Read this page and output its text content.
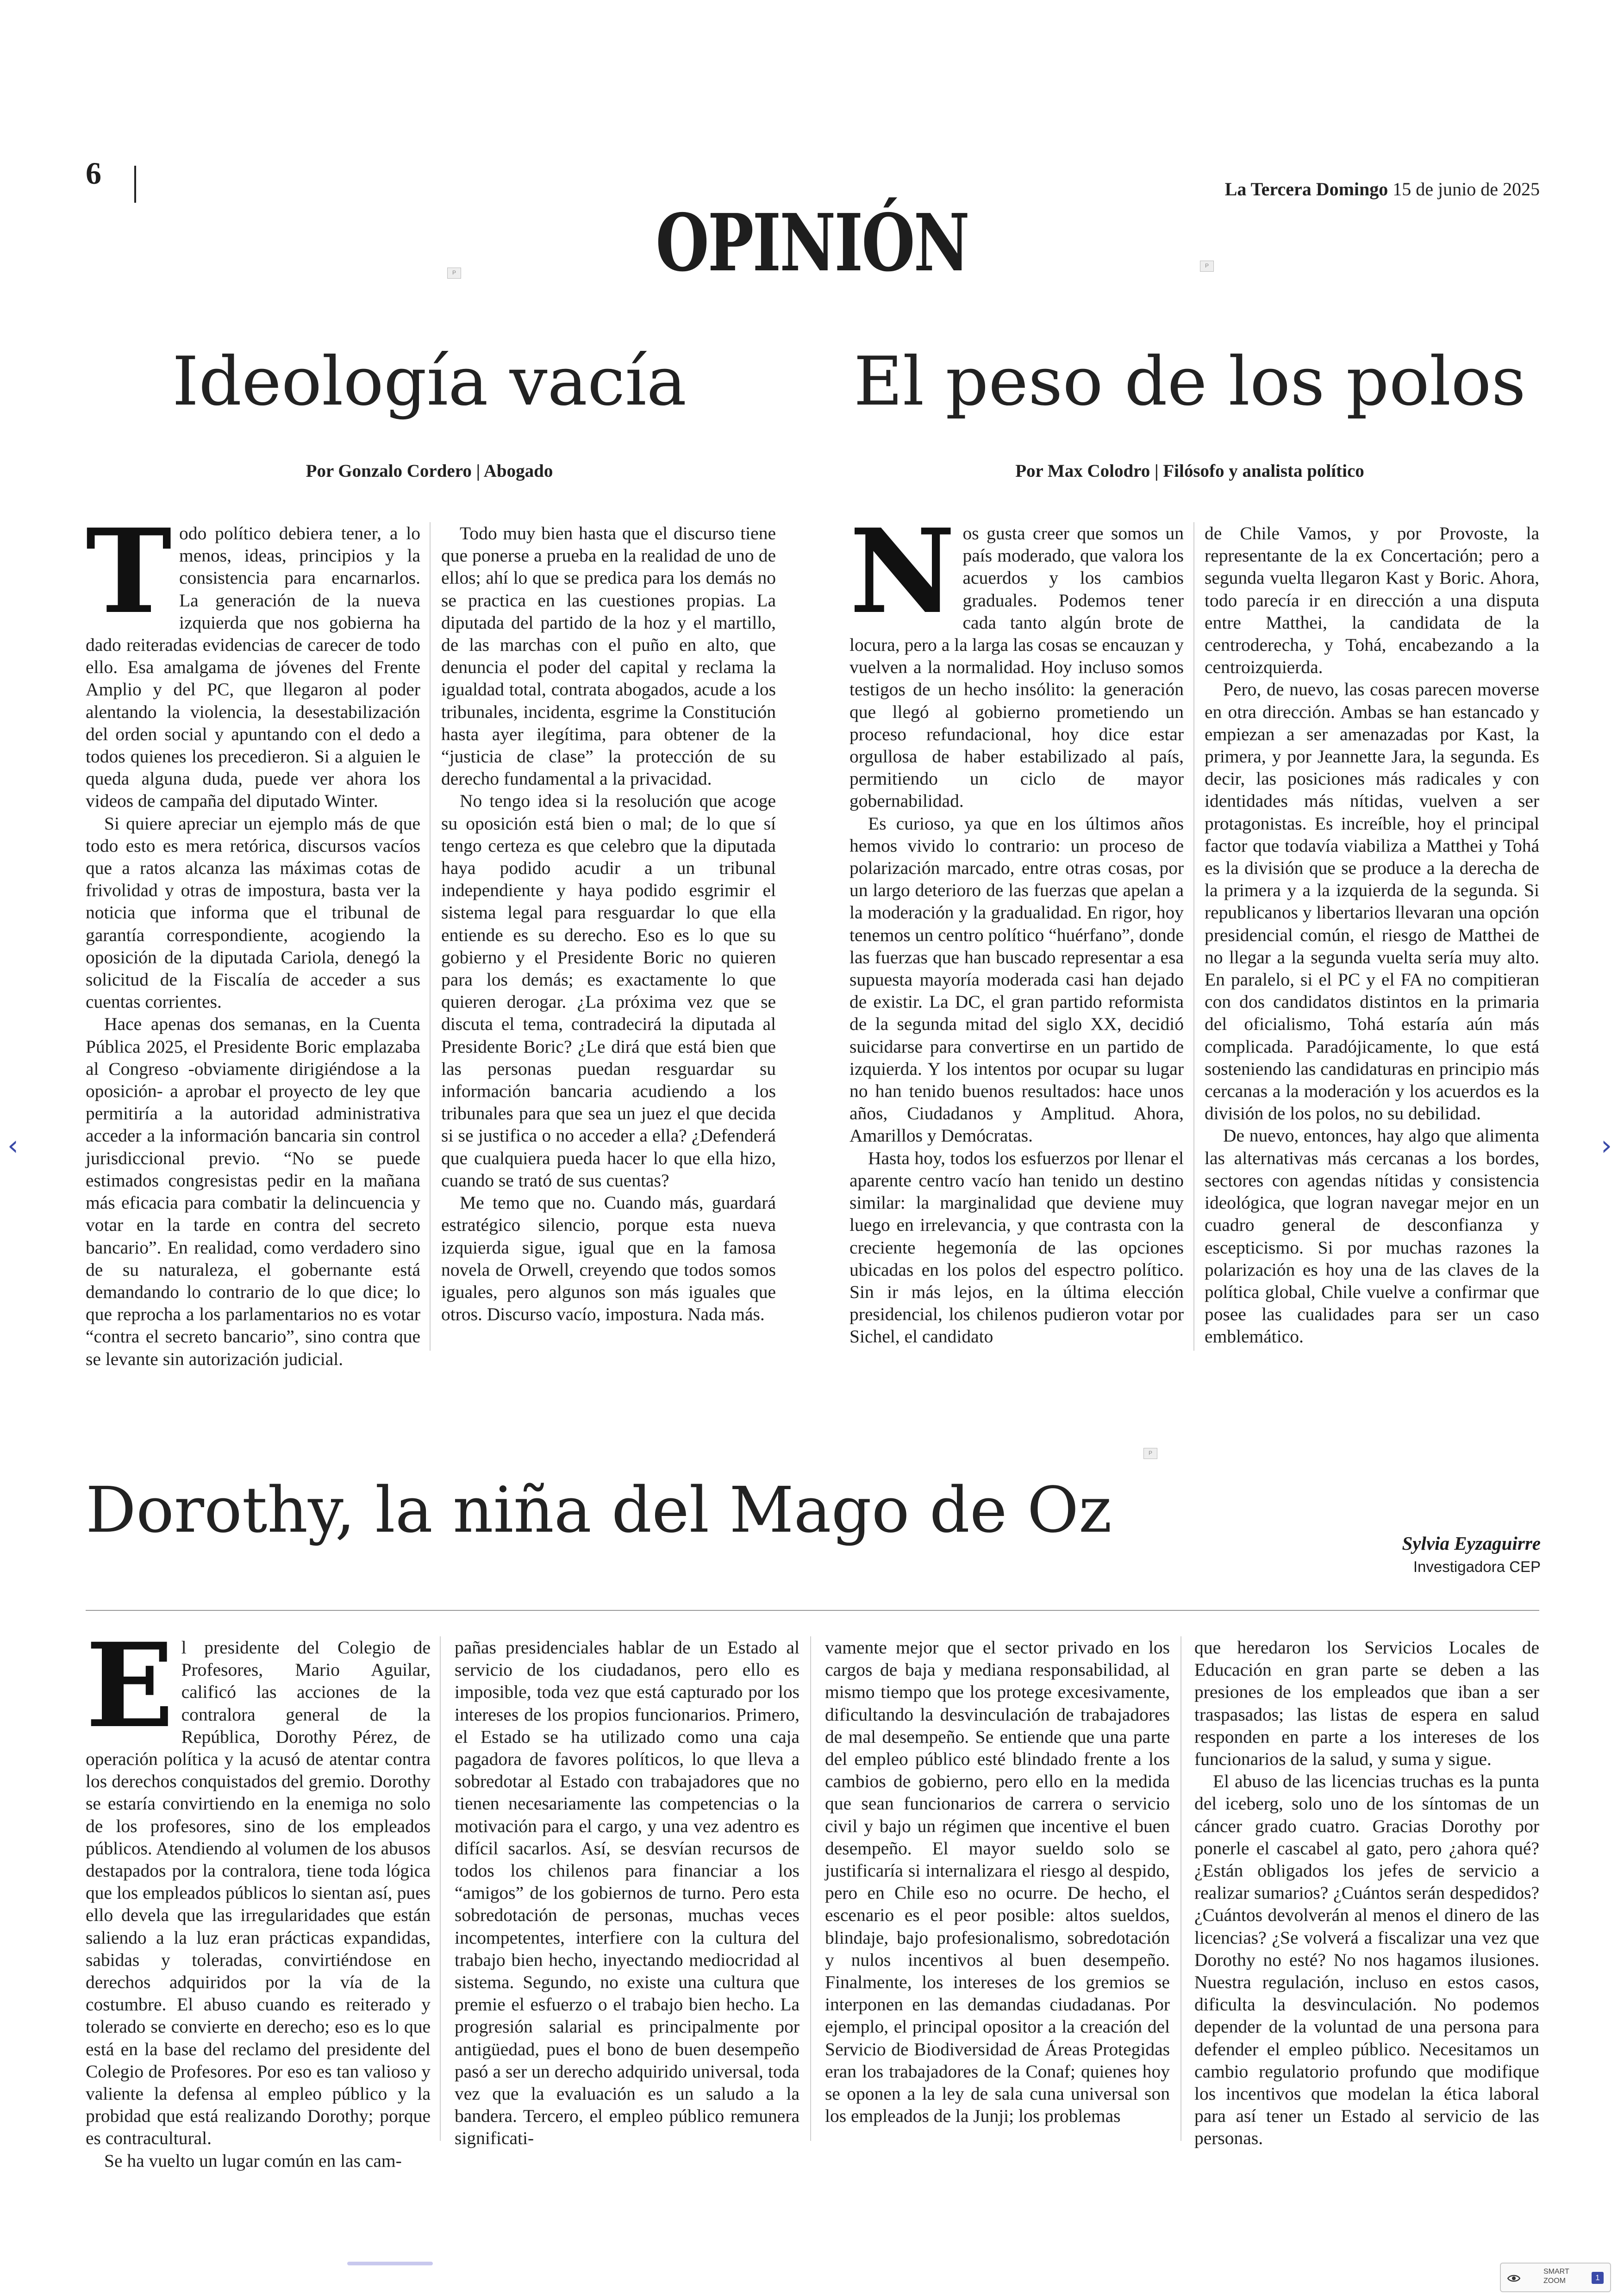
6	La Tercera Domingo 15 de junio de 2025
OPINIÓN
P
P
P
Ideología vacía
Por Gonzalo Cordero | Abogado
T odo político debiera tener, a lo menos, ideas, principios y la consistencia para encarnarlos. La generación de la nueva izquierda que nos gobierna ha dado reiteradas evidencias de carecer de todo ello. Esa amalgama de jóvenes del Frente Amplio y del PC, que llegaron al poder alentando la violencia, la desestabilización del orden social y apuntando con el dedo a todos quienes los precedieron. Si a alguien le queda alguna duda, puede ver ahora los videos de campaña del diputado Winter.

Si quiere apreciar un ejemplo más de que todo esto es mera retórica, discursos vacíos que a ratos alcanza las máximas cotas de frivolidad y otras de impostura, basta ver la noticia que informa que el tribunal de garantía correspondiente, acogiendo la oposición de la diputada Cariola, denegó la solicitud de la Fiscalía de acceder a sus cuentas corrientes.

Hace apenas dos semanas, en la Cuenta Pública 2025, el Presidente Boric emplazaba al Congreso -obviamente dirigiéndose a la oposición- a aprobar el proyecto de ley que permitiría a la autoridad administrativa acceder a la información bancaria sin control jurisdiccional previo. “No se puede estimados congresistas pedir en la mañana más eficacia para combatir la delincuencia y votar en la tarde en contra del secreto bancario”. En realidad, como verdadero sino de su naturaleza, el gobernante está demandando lo contrario de lo que dice; lo que reprocha a los parlamentarios no es votar “contra el secreto bancario”, sino contra que se levante sin autorización judicial.

Todo muy bien hasta que el discurso tiene que ponerse a prueba en la realidad de uno de ellos; ahí lo que se predica para los demás no se practica en las cuestiones propias. La diputada del partido de la hoz y el martillo, de las marchas con el puño en alto, que denuncia el poder del capital y reclama la igualdad total, contrata abogados, acude a los tribunales, incidenta, esgrime la Constitución hasta ayer ilegítima, para obtener de la “justicia de clase” la protección de su derecho fundamental a la privacidad.

No tengo idea si la resolución que acoge su oposición está bien o mal; de lo que sí tengo certeza es que celebro que la diputada haya podido acudir a un tribunal independiente y haya podido esgrimir el sistema legal para resguardar lo que ella entiende es su derecho. Eso es lo que su gobierno y el Presidente Boric no quieren para los demás; es exactamente lo que quieren derogar. ¿La próxima vez que se discuta el tema, contradecirá la diputada al Presidente Boric? ¿Le dirá que está bien que las personas puedan resguardar su información bancaria acudiendo a los tribunales para que sea un juez el que decida si se justifica o no acceder a ella? ¿Defenderá que cualquiera pueda hacer lo que ella hizo, cuando se trató de sus cuentas?

Me temo que no. Cuando más, guardará estratégico silencio, porque esta nueva izquierda sigue, igual que en la famosa novela de Orwell, creyendo que todos somos iguales, pero algunos son más iguales que otros. Discurso vacío, impostura. Nada más.

El peso de los polos
Por Max Colodro | Filósofo y analista político
N os gusta creer que somos un país moderado, que valora los acuerdos y los cambios graduales. Podemos tener cada tanto algún brote de locura, pero a la larga las cosas se encauzan y vuelven a la normalidad. Hoy incluso somos testigos de un hecho insólito: la generación que llegó al gobierno prometiendo un proceso refundacional, hoy dice estar orgullosa de haber estabilizado al país, permitiendo un ciclo de mayor gobernabilidad.

Es curioso, ya que en los últimos años hemos vivido lo contrario: un proceso de polarización marcado, entre otras cosas, por un largo deterioro de las fuerzas que apelan a la moderación y la gradualidad. En rigor, hoy tenemos un centro político “huérfano”, donde las fuerzas que han buscado representar a esa supuesta mayoría moderada casi han dejado de existir. La DC, el gran partido reformista de la segunda mitad del siglo XX, decidió suicidarse para convertirse en un partido de izquierda. Y los intentos por ocupar su lugar no han tenido buenos resultados: hace unos años, Ciudadanos y Amplitud. Ahora, Amarillos y Demócratas.

Hasta hoy, todos los esfuerzos por llenar el aparente centro vacío han tenido un destino similar: la marginalidad que deviene muy luego en irrelevancia, y que contrasta con la creciente hegemonía de las opciones ubicadas en los polos del espectro político. Sin ir más lejos, en la última elección presidencial, los chilenos pudieron votar por Sichel, el candidato

de Chile Vamos, y por Provoste, la representante de la ex Concertación; pero a segunda vuelta llegaron Kast y Boric. Ahora, todo parecía ir en dirección a una disputa entre Matthei, la candidata de la centroderecha, y Tohá, encabezando a la centroizquierda.

Pero, de nuevo, las cosas parecen moverse en otra dirección. Ambas se han estancado y empiezan a ser amenazadas por Kast, la primera, y por Jeannette Jara, la segunda. Es decir, las posiciones más radicales y con identidades más nítidas, vuelven a ser protagonistas. Es increíble, hoy el principal factor que todavía viabiliza a Matthei y Tohá es la división que se produce a la derecha de la primera y a la izquierda de la segunda. Si republicanos y libertarios llevaran una opción presidencial común, el riesgo de Matthei de no llegar a la segunda vuelta sería muy alto. En paralelo, si el PC y el FA no compitieran con dos candidatos distintos en la primaria del oficialismo, Tohá estaría aún más complicada. Paradójicamente, lo que está sosteniendo las candidaturas en principio más cercanas a la moderación y los acuerdos es la división de los polos, no su debilidad.

De nuevo, entonces, hay algo que alimenta las alternativas más cercanas a los bordes, sectores con agendas nítidas y consistencia ideológica, que logran navegar mejor en un cuadro general de desconfianza y escepticismo. Si por muchas razones la polarización es hoy una de las claves de la política global, Chile vuelve a confirmar que posee las cualidades para ser un caso emblemático.

Dorothy, la niña del Mago de Oz	Sylvia Eyzaguirre
Investigadora CEP
E l presidente del Colegio de Profesores, Mario Aguilar, calificó las acciones de la contralora general de la República, Dorothy Pérez, de operación política y la acusó de atentar contra los derechos conquistados del gremio. Dorothy se estaría convirtiendo en la enemiga no solo de los profesores, sino de los empleados públicos. Atendiendo al volumen de los abusos destapados por la contralora, tiene toda lógica que los empleados públicos lo sientan así, pues ello devela que las irregularidades que están saliendo a la luz eran prácticas expandidas, sabidas y toleradas, convirtiéndose en derechos adquiridos por la vía de la costumbre. El abuso cuando es reiterado y tolerado se convierte en derecho; eso es lo que está en la base del reclamo del presidente del Colegio de Profesores. Por eso es tan valioso y valiente la defensa al empleo público y la probidad que está realizando Dorothy; porque es contracultural.

Se ha vuelto un lugar común en las cam-

pañas presidenciales hablar de un Estado al servicio de los ciudadanos, pero ello es imposible, toda vez que está capturado por los intereses de los propios funcionarios. Primero, el Estado se ha utilizado como una caja pagadora de favores políticos, lo que lleva a sobredotar al Estado con trabajadores que no tienen necesariamente las competencias o la motivación para el cargo, y una vez adentro es difícil sacarlos. Así, se desvían recursos de todos los chilenos para financiar a los “amigos” de los gobiernos de turno. Pero esta sobredotación de personas, muchas veces incompetentes, interfiere con la cultura del trabajo bien hecho, inyectando mediocridad al sistema. Segundo, no existe una cultura que premie el esfuerzo o el trabajo bien hecho. La progresión salarial es principalmente por antigüedad, pues el bono de buen desempeño pasó a ser un derecho adquirido universal, toda vez que la evaluación es un saludo a la bandera. Tercero, el empleo público remunera significati-

vamente mejor que el sector privado en los cargos de baja y mediana responsabilidad, al mismo tiempo que los protege excesivamente, dificultando la desvinculación de trabajadores de mal desempeño. Se entiende que una parte del empleo público esté blindado frente a los cambios de gobierno, pero ello en la medida que sean funcionarios de carrera o servicio civil y bajo un régimen que incentive el buen desempeño. El mayor sueldo solo se justificaría si internalizara el riesgo al despido, pero en Chile eso no ocurre. De hecho, el escenario es el peor posible: altos sueldos, blindaje, bajo profesionalismo, sobredotación y nulos incentivos al buen desempeño. Finalmente, los intereses de los gremios se interponen en las demandas ciudadanas. Por ejemplo, el principal opositor a la creación del Servicio de Biodiversidad de Áreas Protegidas eran los trabajadores de la Conaf; quienes hoy se oponen a la ley de sala cuna universal son los empleados de la Junji; los problemas

que heredaron los Servicios Locales de Educación en gran parte se deben a las presiones de los empleados que iban a ser traspasados; las listas de espera en salud responden en parte a los intereses de los funcionarios de la salud, y suma y sigue.

El abuso de las licencias truchas es la punta del iceberg, solo uno de los síntomas de un cáncer grado cuatro. Gracias Dorothy por ponerle el cascabel al gato, pero ¿ahora qué? ¿Están obligados los jefes de servicio a realizar sumarios? ¿Cuántos serán despedidos? ¿Cuántos devolverán al menos el dinero de las licencias? ¿Se volverá a fiscalizar una vez que Dorothy no esté? No nos hagamos ilusiones. Nuestra regulación, incluso en estos casos, dificulta la desvinculación. No podemos depender de la voluntad de una persona para defender el empleo público. Necesitamos un cambio regulatorio profundo que modifique los incentivos que modelan la ética laboral para así tener un Estado al servicio de las personas.

‹	›
SMART
ZOOM	1
